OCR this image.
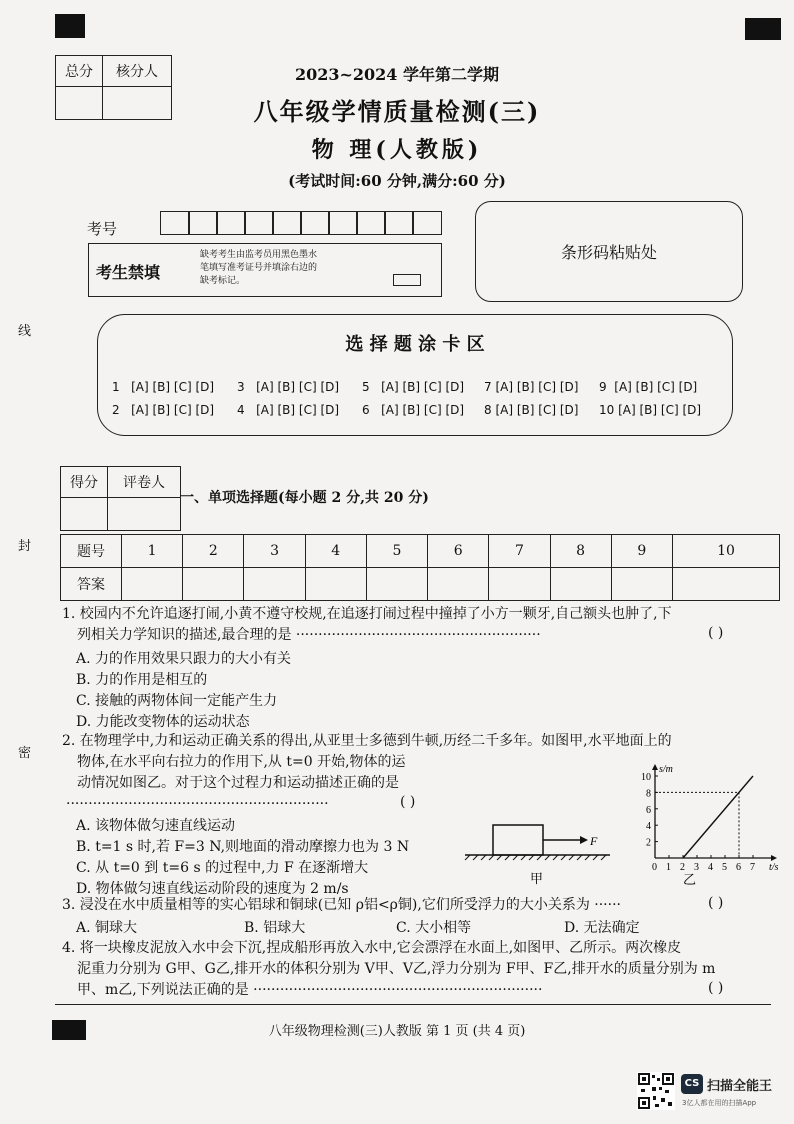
线
封
密
总分	核分人
		2023~2024 学年第二学期
八年级学情质量检测(三)
物 理(人教版)
(考试时间:60 分钟,满分:60 分)
考号
考生禁填
缺考考生由监考员用黑色墨水
笔填写准考证号并填涂右边的
缺考标记。
条形码粘贴处
选 择 题 涂 卡 区
1 [A] [B] [C] [D] 3 [A] [B] [C] [D] 5 [A] [B] [C] [D] 7 [A] [B] [C] [D] 9 [A] [B] [C] [D]
2 [A] [B] [C] [D] 4 [A] [B] [C] [D] 6 [A] [B] [C] [D] 8 [A] [B] [C] [D] 10 [A] [B] [C] [D]
得分	评卷人

一、单项选择题(每小题 2 分,共 20 分)
题号	1	2	3	4	5	6	7	8	9	10
答案										
1. 校园内不允许追逐打闹,小黄不遵守校规,在追逐打闹过程中撞掉了小方一颗牙,自己额头也肿了,下
列相关力学知识的描述,最合理的是 ·······················································	( )
A. 力的作用效果只跟力的大小有关
B. 力的作用是相互的
C. 接触的两物体间一定能产生力
D. 力能改变物体的运动状态
2. 在物理学中,力和运动正确关系的得出,从亚里士多德到牛顿,历经二千多年。如图甲,水平地面上的
物体,在水平向右拉力的作用下,从 t=0 开始,物体的运
动情况如图乙。对于这个过程力和运动描述正确的是
···························································	( )
A. 该物体做匀速直线运动
B. t=1 s 时,若 F=3 N,则地面的滑动摩擦力也为 3 N
C. 从 t=0 到 t=6 s 的过程中,力 F 在逐渐增大
D. 物体做匀速直线运动阶段的速度为 2 m/s
F
甲
0 1 2 3 4 5 6 7
2
4
6
8
10
s/m
t/s
乙
3. 浸没在水中质量相等的实心铝球和铜球(已知 ρ铝<ρ铜),它们所受浮力的大小关系为 ······	( )
A. 铜球大	B. 铝球大	C. 大小相等	D. 无法确定
4. 将一块橡皮泥放入水中会下沉,捏成船形再放入水中,它会漂浮在水面上,如图甲、乙所示。两次橡皮
泥重力分别为 G甲、G乙,排开水的体积分别为 V甲、V乙,浮力分别为 F甲、F乙,排开水的质量分别为 m
甲、m乙,下列说法正确的是 ·································································	( )
八年级物理检测(三)人教版 第 1 页 (共 4 页)
CS 扫描全能王
3亿人都在用的扫描App
